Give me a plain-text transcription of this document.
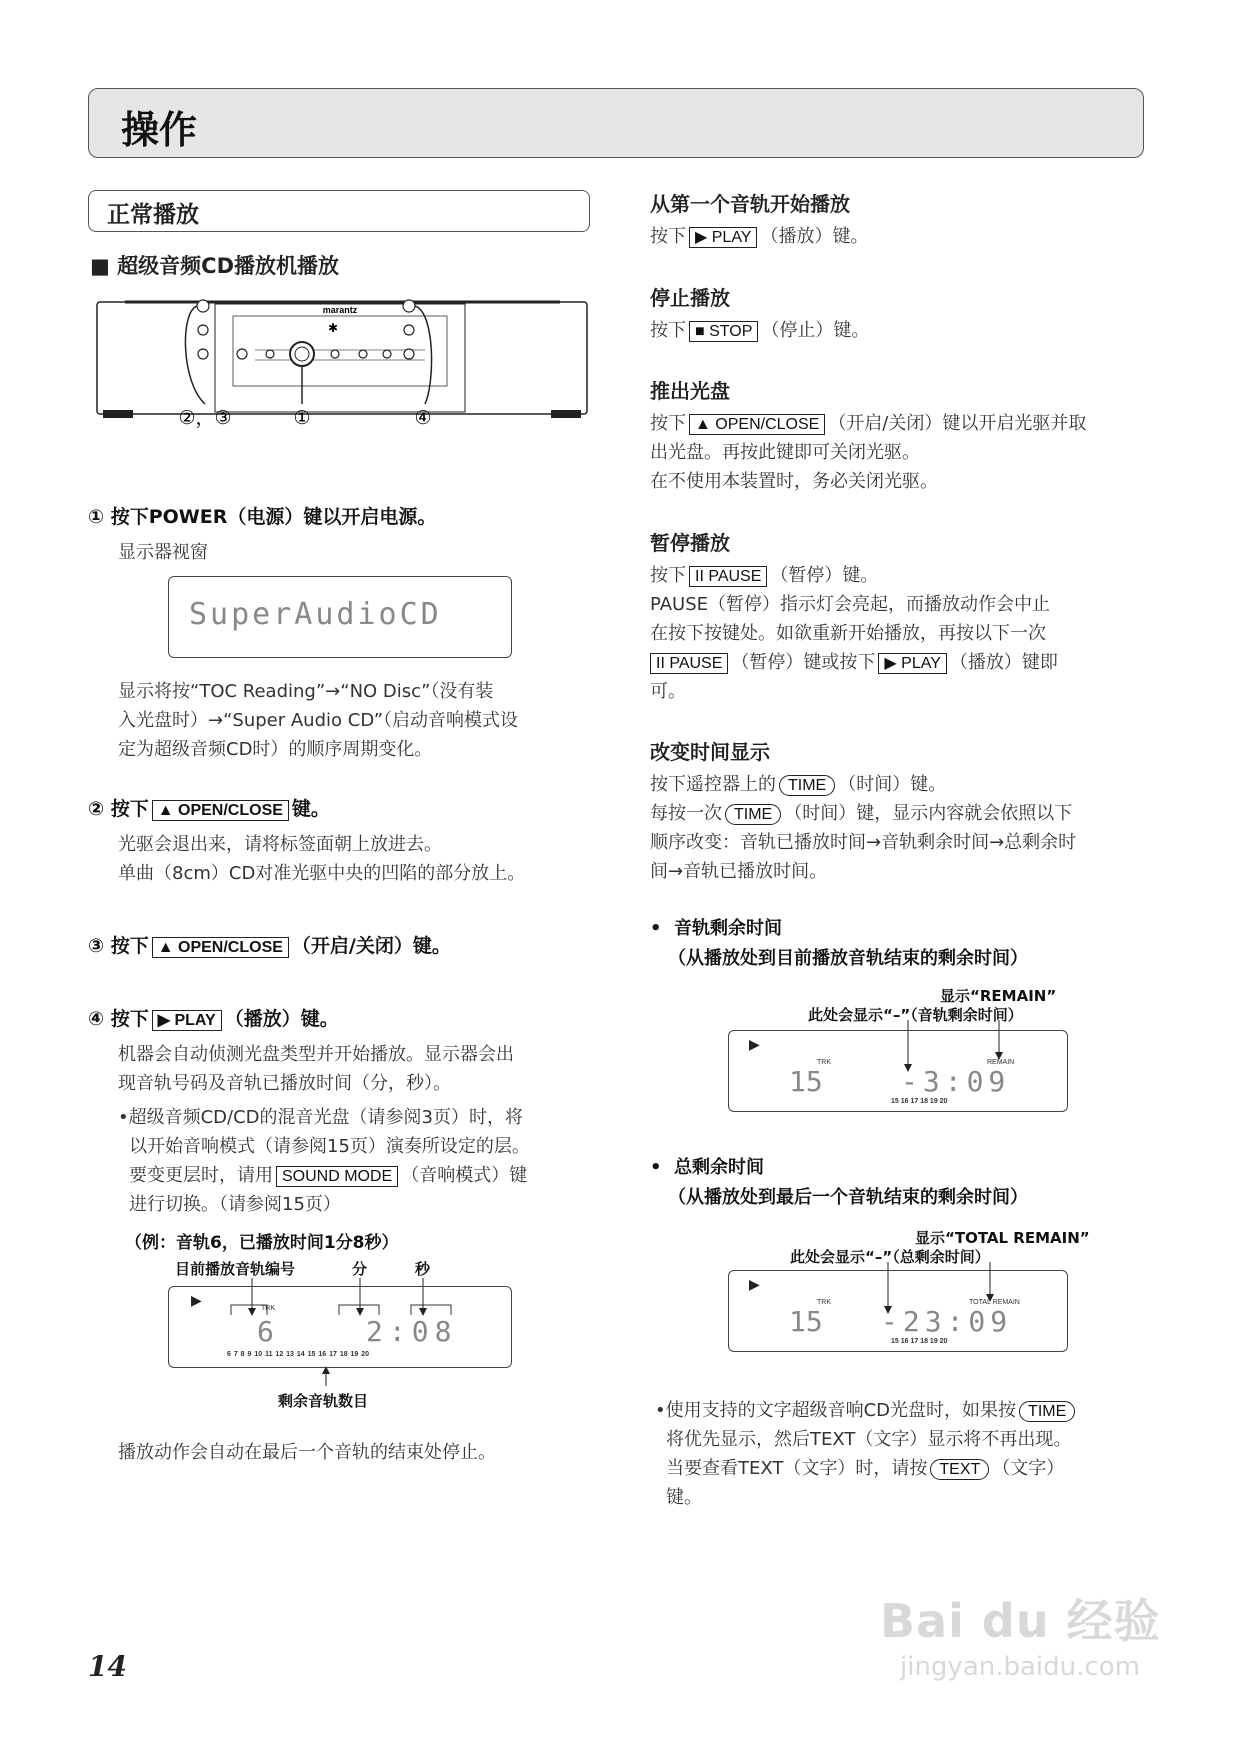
操作
正常播放
■ 超级音频CD播放机播放
marantz
✱
②，③	①	④
① 按下POWER（电源）键以开启电源。
显示器视窗
SuperAudioCD
显示将按“TOC Reading”→“NO Disc”（没有装
入光盘时）→“Super Audio CD”（启动音响模式设
定为超级音频CD时）的顺序周期变化。
② 按下 ▲ OPEN/CLOSE 键。
光驱会退出来，请将标签面朝上放进去。
单曲（8cm）CD对准光驱中央的凹陷的部分放上。
③ 按下 ▲ OPEN/CLOSE （开启/关闭）键。
④ 按下 ▶ PLAY （播放）键。
机器会自动侦测光盘类型并开始播放。显示器会出
现音轨号码及音轨已播放时间（分，秒）。
•超级音频CD/CD的混音光盘（请参阅3页）时，将
以开始音响模式（请参阅15页）演奏所设定的层。
要变更层时，请用 SOUND MODE （音响模式）键
进行切换。（请参阅15页）
（例：音轨6，已播放时间1分8秒）
目前播放音轨编号	分	秒
▶	TRK
6	2:08
6 7 8 9 10 11 12 13 14 15 16 17 18 19 20
剩余音轨数目
播放动作会自动在最后一个音轨的结束处停止。
从第一个音轨开始播放
按下 ▶ PLAY （播放）键。
停止播放
按下 ■ STOP （停止）键。
推出光盘
按下 ▲ OPEN/CLOSE （开启/关闭）键以开启光驱并取
出光盘。再按此键即可关闭光驱。
在不使用本装置时，务必关闭光驱。
暂停播放
按下 II PAUSE （暂停）键。
PAUSE（暂停）指示灯会亮起，而播放动作会中止
在按下按键处。如欲重新开始播放，再按以下一次
II PAUSE （暂停）键或按下 ▶ PLAY （播放）键即
可。
改变时间显示
按下遥控器上的 TIME （时间）键。
每按一次 TIME （时间）键，显示内容就会依照以下
顺序改变：音轨已播放时间→音轨剩余时间→总剩余时
间→音轨已播放时间。
• 音轨剩余时间
（从播放处到目前播放音轨结束的剩余时间）
显示“REMAIN”
此处会显示“–”（音轨剩余时间）
▶
TRK	REMAIN
15	-3:09
15 16 17 18 19 20
• 总剩余时间
（从播放处到最后一个音轨结束的剩余时间）
显示“TOTAL REMAIN”
此处会显示“–”（总剩余时间）
▶
TRK	TOTAL REMAIN
15 -23:09
15 16 17 18 19 20
•使用支持的文字超级音响CD光盘时，如果按 TIME
将优先显示，然后TEXT（文字）显示将不再出现。
当要查看TEXT（文字）时，请按 TEXT （文字）
键。
14
Bai du 经验
jingyan.baidu.com
